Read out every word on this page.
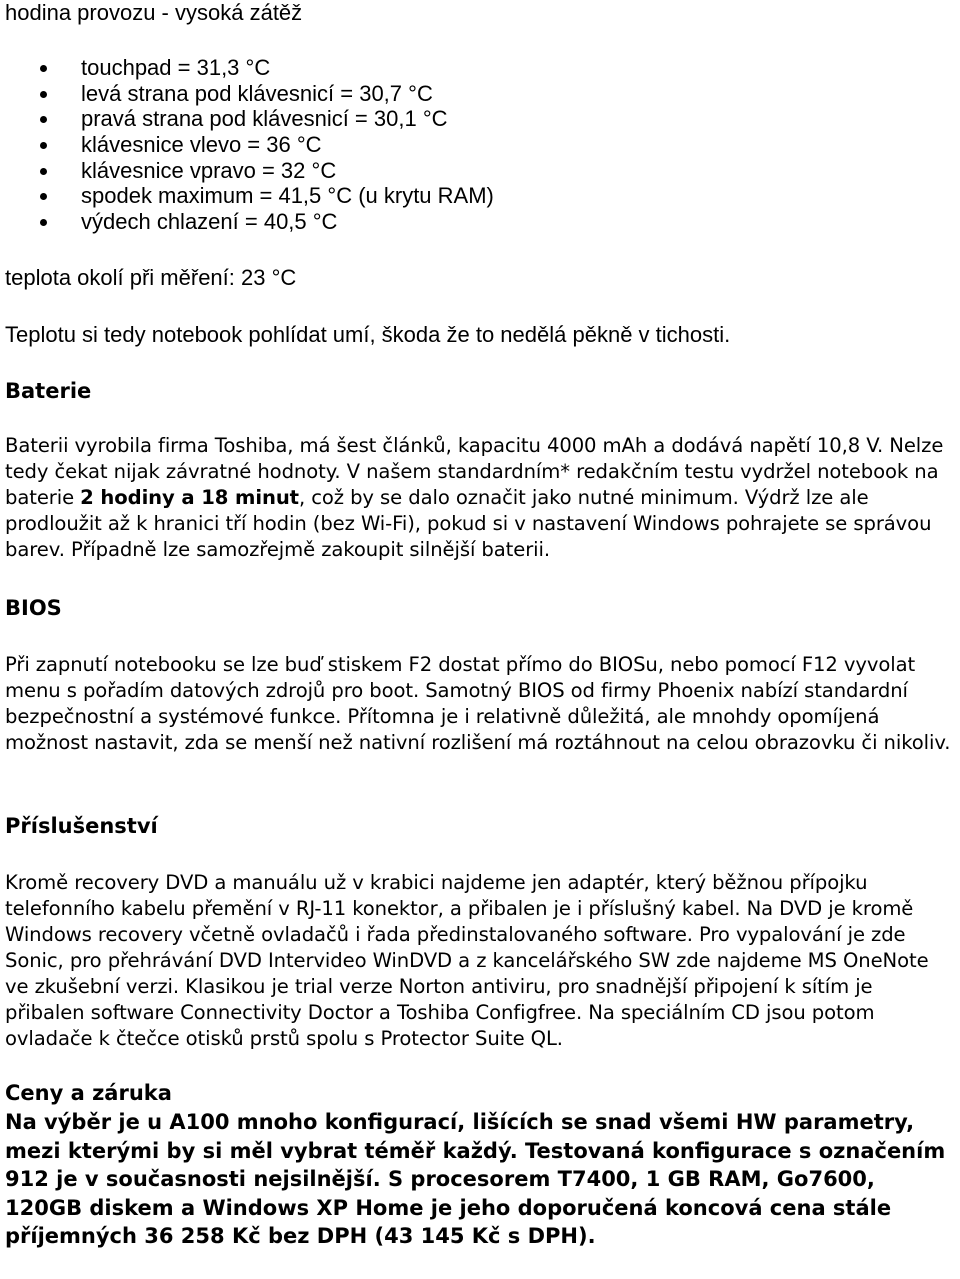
hodina provozu - vysoká zátěž
touchpad = 31,3 °C
levá strana pod klávesnicí = 30,7 °C
pravá strana pod klávesnicí = 30,1 °C
klávesnice vlevo = 36 °C
klávesnice vpravo = 32 °C
spodek maximum = 41,5 °C (u krytu RAM)
výdech chlazení = 40,5 °C
teplota okolí při měření: 23 °C
Teplotu si tedy notebook pohlídat umí, škoda že to nedělá pěkně v tichosti.
Baterie

Baterii vyrobila firma Toshiba, má šest článků, kapacitu 4000 mAh a dodává napětí 10,8 V. Nelze tedy čekat nijak závratné hodnoty. V našem standardním* redakčním testu vydržel notebook na baterie 2 hodiny a 18 minut, což by se dalo označit jako nutné minimum. Výdrž lze ale prodloužit až k hranici tří hodin (bez Wi-Fi), pokud si v nastavení Windows pohrajete se správou barev. Případně lze samozřejmě zakoupit silnější baterii.

BIOS

Při zapnutí notebooku se lze buď stiskem F2 dostat přímo do BIOSu, nebo pomocí F12 vyvolat menu s pořadím datových zdrojů pro boot. Samotný BIOS od firmy Phoenix nabízí standardní bezpečnostní a systémové funkce. Přítomna je i relativně důležitá, ale mnohdy opomíjená možnost nastavit, zda se menší než nativní rozlišení má roztáhnout na celou obrazovku či nikoliv.

Příslušenství

Kromě recovery DVD a manuálu už v krabici najdeme jen adaptér, který běžnou přípojku telefonního kabelu přemění v RJ-11 konektor, a přibalen je i příslušný kabel. Na DVD je kromě Windows recovery včetně ovladačů i řada předinstalovaného software. Pro vypalování je zde Sonic, pro přehrávání DVD Intervideo WinDVD a z kancelářského SW zde najdeme MS OneNote ve zkušební verzi. Klasikou je trial verze Norton antiviru, pro snadnější připojení k sítím je přibalen software Connectivity Doctor a Toshiba Configfree. Na speciálním CD jsou potom ovladače k čtečce otisků prstů spolu s Protector Suite QL.

Ceny a záruka

Na výběr je u A100 mnoho konfigurací, lišících se snad všemi HW parametry, mezi kterými by si měl vybrat téměř každý. Testovaná konfigurace s označením 912 je v současnosti nejsilnější. S procesorem T7400, 1 GB RAM, Go7600, 120GB diskem a Windows XP Home je jeho doporučená koncová cena stále příjemných 36 258 Kč bez DPH (43 145 Kč s DPH).
